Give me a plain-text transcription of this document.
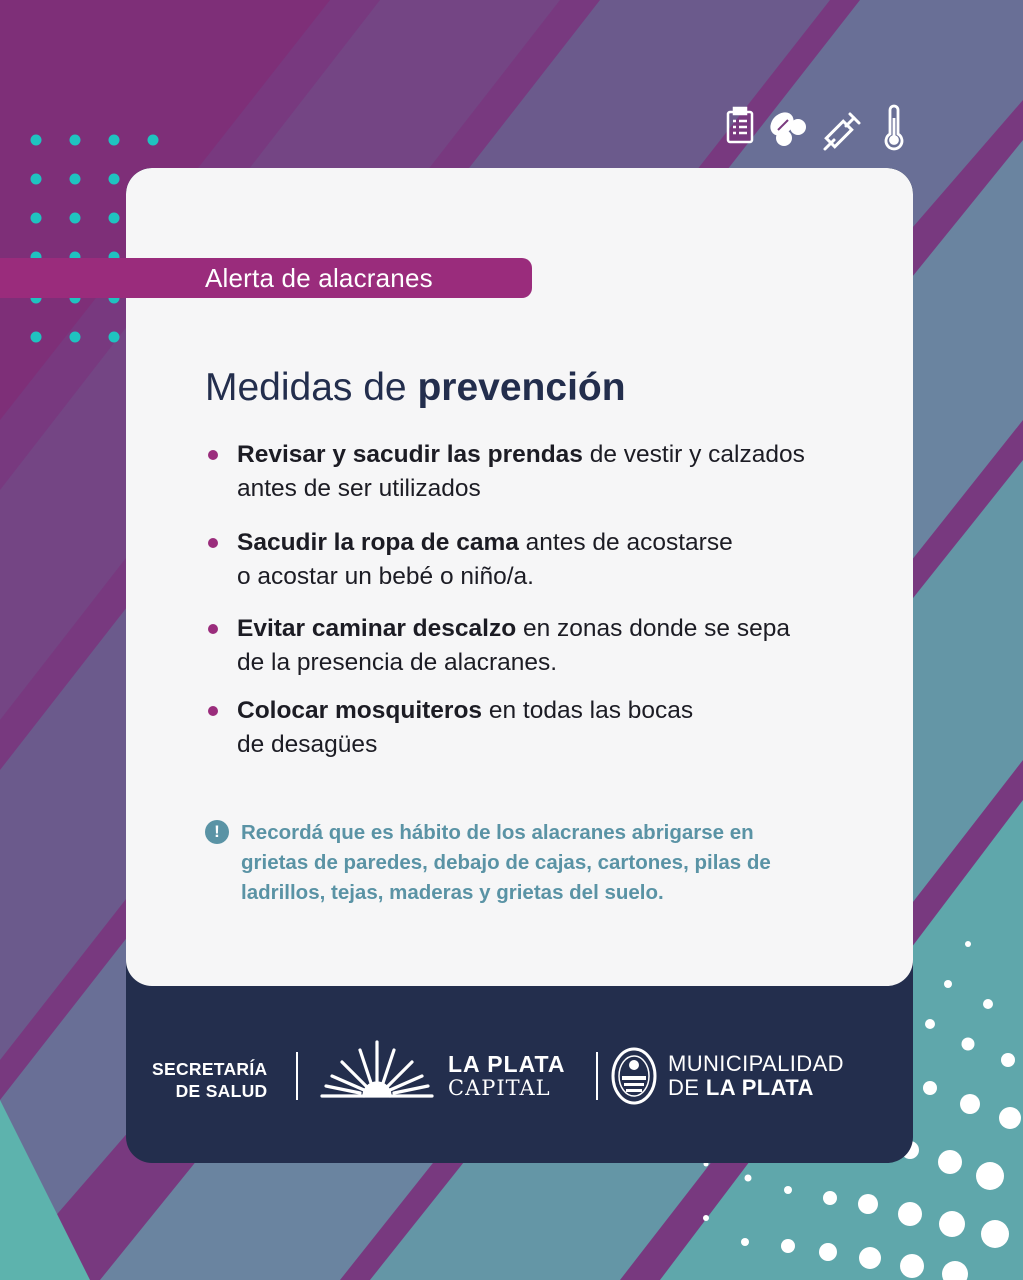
Alerta de alacranes
Medidas de prevención
Revisar y sacudir las prendas de vestir y calzados
antes de ser utilizados
Sacudir la ropa de cama antes de acostarse
o acostar un bebé o niño/a.
Evitar caminar descalzo en zonas donde se sepa
de la presencia de alacranes.
Colocar mosquiteros en todas las bocas
de desagües
!	Recordá que es hábito de los alacranes abrigarse en
grietas de paredes, debajo de cajas, cartones, pilas de
ladrillos, tejas, maderas y grietas del suelo.

SECRETARÍA
DE SALUD
LA PLATA
CAPITAL
MUNICIPALIDAD
DE LA PLATA
